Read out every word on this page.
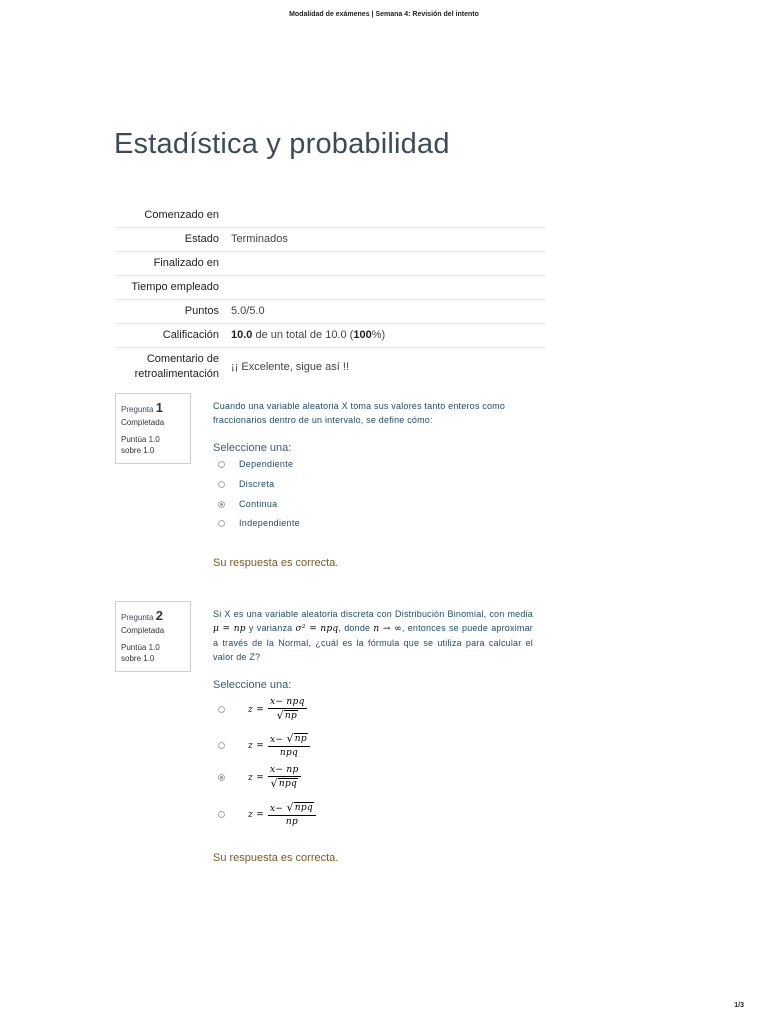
Modalidad de exámenes | Semana 4: Revisión del intento
Estadística y probabilidad
Comenzado en	
Estado	Terminados
Finalizado en	
Tiempo empleado	
Puntos	5.0/5.0
Calificación	10.0 de un total de 10.0 (100%)
Comentario de retroalimentación	¡¡ Excelente, sigue así !!
Pregunta 1
Completada
Puntúa 1.0
sobre 1.0
Cuando una variable aleatoria X toma sus valores tanto enteros como fraccionarios dentro de un intervalo, se define cómo:
Seleccione una:
Dependiente
Discreta
Continua
Independiente
Su respuesta es correcta.
Pregunta 2
Completada
Puntúa 1.0
sobre 1.0
Si X es una variable aleatoria discreta con Distribución Binomial, con media μ = np y varianza σ² = npq, donde n → ∞, entonces se puede aproximar a través de la Normal, ¿cuál es la fórmula que se utiliza para calcular el valor de Z?
Seleccione una:
$z = \frac{\text{x− npq}}{√ np}$
$z = \frac{x- √ np}{\text{npq}}$
$z = \frac{x- np}{\text{√ npq}}$
$z = \frac{\text{x− √ npq}}{np}$
Su respuesta es correcta.
1/3
